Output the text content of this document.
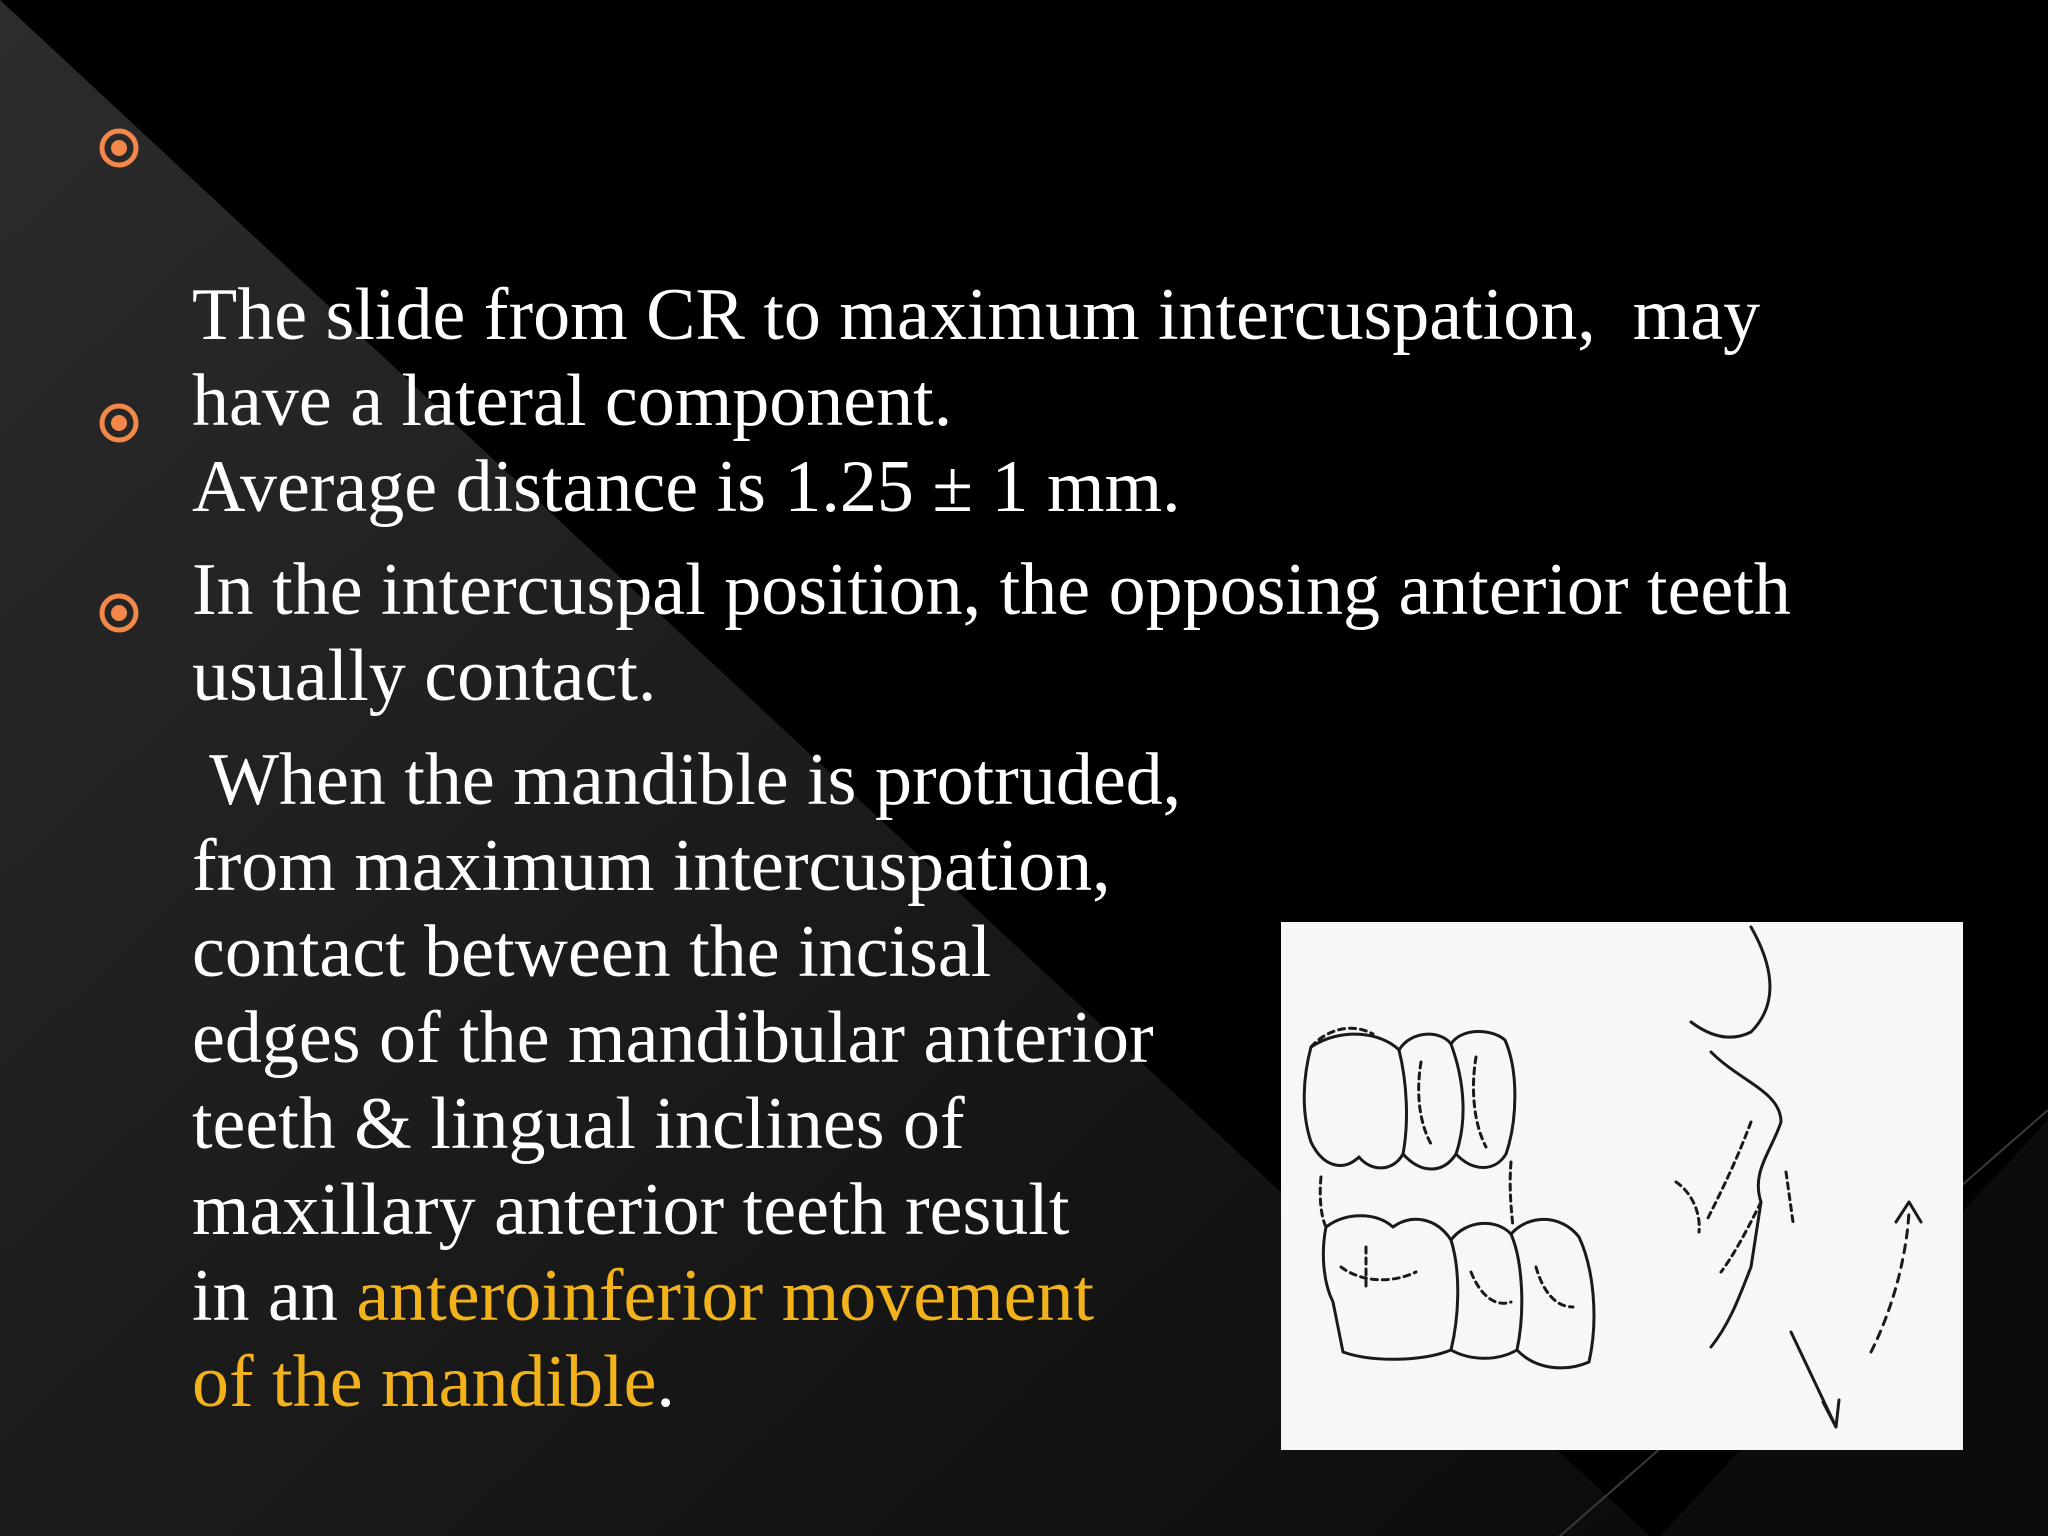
The slide from CR to maximum intercuspation,  may
have a lateral component.
Average distance is 1.25 ± 1 mm.

In the intercuspal position, the opposing anterior teeth
usually contact.

When the mandible is protruded,
from maximum intercuspation,
contact between the incisal
edges of the mandibular anterior
teeth & lingual inclines of
maxillary anterior teeth result
in an anteroinferior movement
of the mandible.
